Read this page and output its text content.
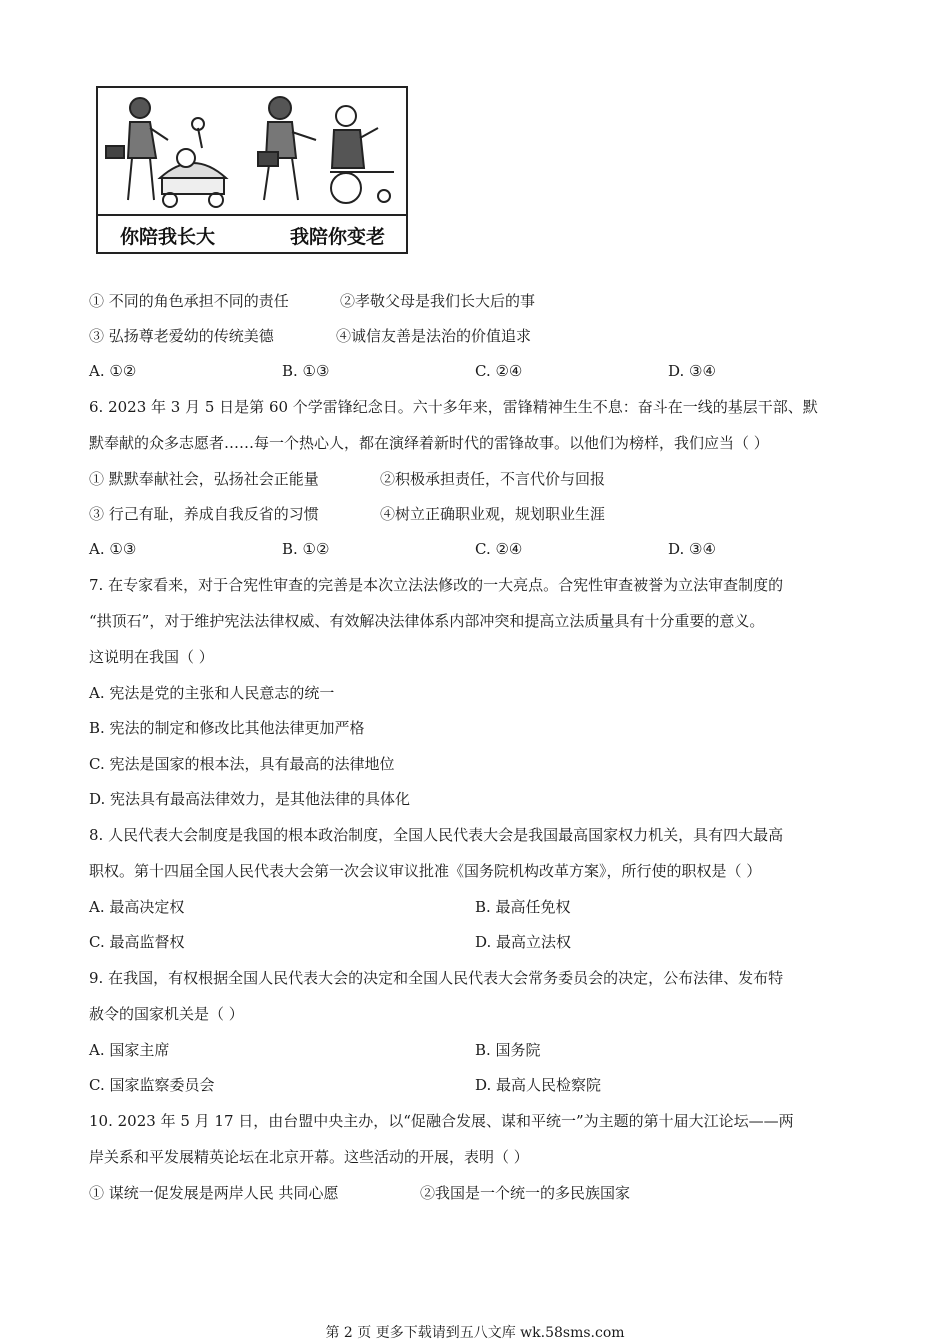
你陪我长大	我陪你变老
① 不同的角色承担不同的责任	②孝敬父母是我们长大后的事
③ 弘扬尊老爱幼的传统美德	④诚信友善是法治的价值追求
A. ①②	B. ①③	C. ②④	D. ③④
6. 2023 年 3 月 5 日是第 60 个学雷锋纪念日。六十多年来，雷锋精神生生不息：奋斗在一线的基层干部、默
默奉献的众多志愿者……每一个热心人，都在演绎着新时代的雷锋故事。以他们为榜样，我们应当（ ）
① 默默奉献社会，弘扬社会正能量	②积极承担责任，不言代价与回报
③ 行己有耻，养成自我反省的习惯	④树立正确职业观，规划职业生涯
A. ①③	B. ①②	C. ②④	D. ③④
7. 在专家看来，对于合宪性审查的完善是本次立法法修改的一大亮点。合宪性审查被誉为立法审查制度的
“拱顶石”，对于维护宪法法律权威、有效解决法律体系内部冲突和提高立法质量具有十分重要的意义。
这说明在我国（ ）
A. 宪法是党的主张和人民意志的统一
B. 宪法的制定和修改比其他法律更加严格
C. 宪法是国家的根本法，具有最高的法律地位
D. 宪法具有最高法律效力，是其他法律的具体化
8. 人民代表大会制度是我国的根本政治制度，全国人民代表大会是我国最高国家权力机关，具有四大最高
职权。第十四届全国人民代表大会第一次会议审议批准《国务院机构改革方案》，所行使的职权是（ ）
A. 最高决定权	B. 最高任免权
C. 最高监督权	D. 最高立法权
9. 在我国，有权根据全国人民代表大会的决定和全国人民代表大会常务委员会的决定，公布法律、发布特
赦令的国家机关是（ ）
A. 国家主席	B. 国务院
C. 国家监察委员会	D. 最高人民检察院
10. 2023 年 5 月 17 日，由台盟中央主办，以“促融合发展、谋和平统一”为主题的第十届大江论坛——两
岸关系和平发展精英论坛在北京开幕。这些活动的开展，表明（ ）
① 谋统一促发展是两岸人民 共同心愿	②我国是一个统一的多民族国家
第 2 页 更多下载请到五八文库 wk.58sms.com
